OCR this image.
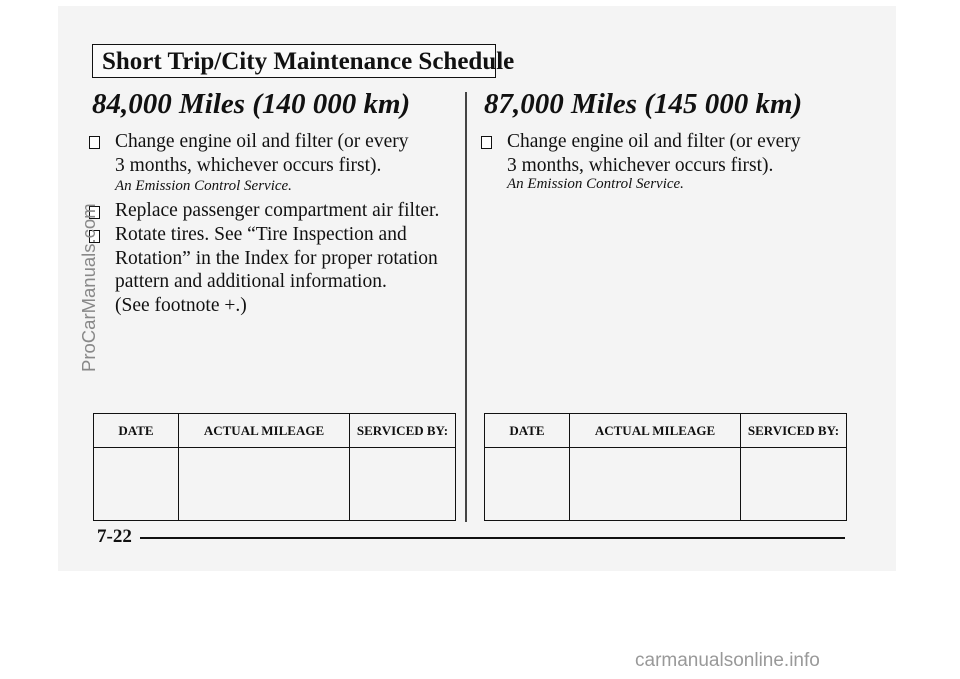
Short Trip/City Maintenance Schedule
84,000 Miles (140 000 km)
Change engine oil and filter (or every
3 months, whichever occurs first).
An Emission Control Service.
Replace passenger compartment air filter.
Rotate tires. See “Tire Inspection and
Rotation” in the Index for proper rotation
pattern and additional information.
(See footnote +.)
87,000 Miles (145 000 km)
Change engine oil and filter (or every
3 months, whichever occurs first).
An Emission Control Service.
DATE	ACTUAL MILEAGE	SERVICED BY:
			DATE	ACTUAL MILEAGE	SERVICED BY:

7-22
ProCarManuals.com
carmanualsonline.info
